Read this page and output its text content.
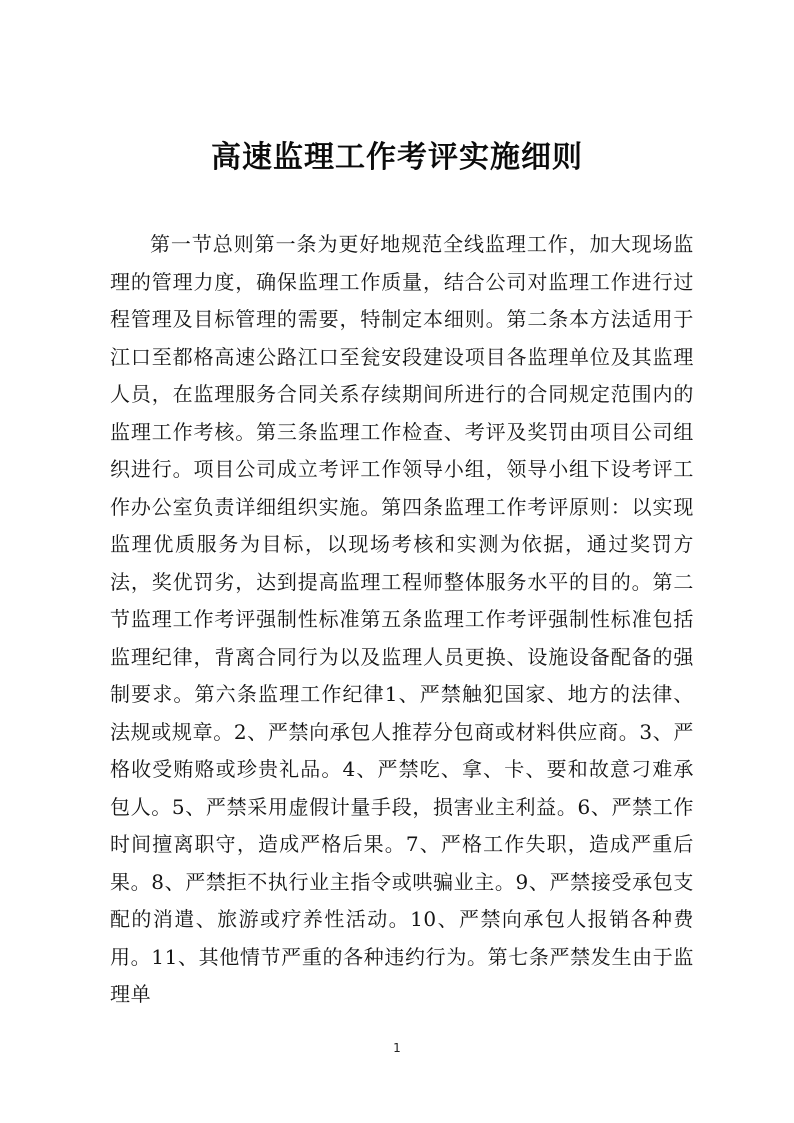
高速监理工作考评实施细则

第一节总则第一条为更好地规范全线监理工作，加大现场监理的管理力度，确保监理工作质量，结合公司对监理工作进行过程管理及目标管理的需要，特制定本细则。第二条本方法适用于江口至都格高速公路江口至瓮安段建设项目各监理单位及其监理人员，在监理服务合同关系存续期间所进行的合同规定范围内的监理工作考核。第三条监理工作检查、考评及奖罚由项目公司组织进行。项目公司成立考评工作领导小组，领导小组下设考评工作办公室负责详细组织实施。第四条监理工作考评原则：以实现监理优质服务为目标，以现场考核和实测为依据，通过奖罚方法，奖优罚劣，达到提高监理工程师整体服务水平的目的。第二节监理工作考评强制性标准第五条监理工作考评强制性标准包括监理纪律，背离合同行为以及监理人员更换、设施设备配备的强制要求。第六条监理工作纪律1、严禁触犯国家、地方的法律、法规或规章。2、严禁向承包人推荐分包商或材料供应商。3、严格收受贿赂或珍贵礼品。4、严禁吃、拿、卡、要和故意刁难承包人。5、严禁采用虚假计量手段，损害业主利益。6、严禁工作时间擅离职守，造成严格后果。7、严格工作失职，造成严重后果。8、严禁拒不执行业主指令或哄骗业主。9、严禁接受承包支配的消遣、旅游或疗养性活动。10、严禁向承包人报销各种费用。11、其他情节严重的各种违约行为。第七条严禁发生由于监理单

1
